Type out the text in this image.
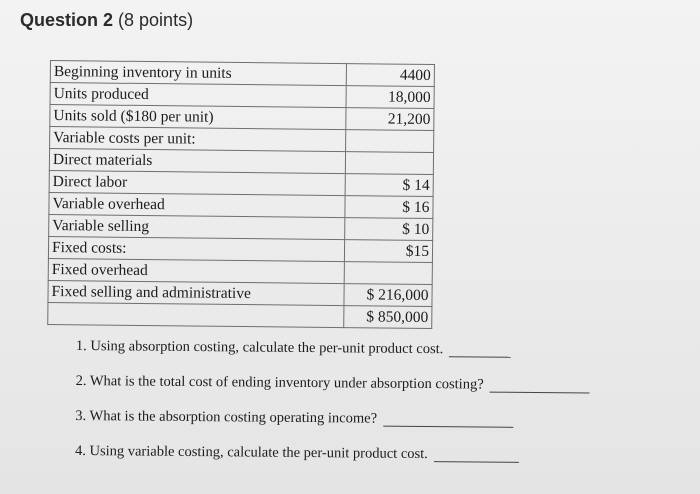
Question 2 (8 points)
Beginning inventory in units	4400
Units produced	18,000
Units sold ($180 per unit)	21,200
Variable costs per unit:	
Direct materials	
Direct labor	$ 14
Variable overhead	$ 16
Variable selling	$ 10
Fixed costs:	$15
Fixed overhead	
Fixed selling and administrative	$ 216,000
	$ 850,000
1. Using absorption costing, calculate the per-unit product cost.
2. What is the total cost of ending inventory under absorption costing?
3. What is the absorption costing operating income?
4. Using variable costing, calculate the per-unit product cost.
